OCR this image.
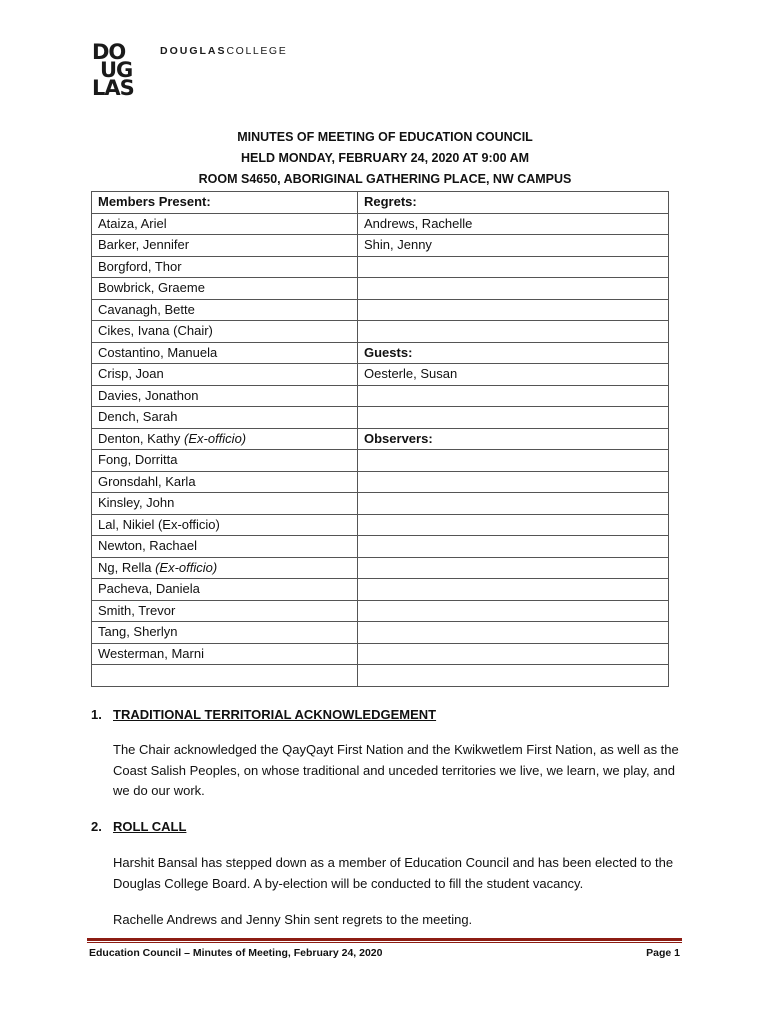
DO
UG
LAS
DOUGLASCOLLEGE
MINUTES OF MEETING OF EDUCATION COUNCIL
HELD MONDAY, FEBRUARY 24, 2020 AT 9:00 AM
ROOM S4650, ABORIGINAL GATHERING PLACE, NW CAMPUS
Members Present:	Regrets:
Ataiza, Ariel	Andrews, Rachelle
Barker, Jennifer	Shin, Jenny
Borgford, Thor	
Bowbrick, Graeme	
Cavanagh, Bette	
Cikes, Ivana (Chair)	
Costantino, Manuela	Guests:
Crisp, Joan	Oesterle, Susan
Davies, Jonathon	
Dench, Sarah	
Denton, Kathy (Ex-officio)	Observers:
Fong, Dorritta	
Gronsdahl, Karla	
Kinsley, John	
Lal, Nikiel (Ex-officio)	
Newton, Rachael	
Ng, Rella (Ex-officio)	
Pacheva, Daniela	
Smith, Trevor	
Tang, Sherlyn	
Westerman, Marni	

1. TRADITIONAL TERRITORIAL ACKNOWLEDGEMENT
The Chair acknowledged the QayQayt First Nation and the Kwikwetlem First Nation, as well as the Coast Salish Peoples, on whose traditional and unceded territories we live, we learn, we play, and we do our work.
2. ROLL CALL
Harshit Bansal has stepped down as a member of Education Council and has been elected to the Douglas College Board. A by-election will be conducted to fill the student vacancy.
Rachelle Andrews and Jenny Shin sent regrets to the meeting.
Education Council – Minutes of Meeting, February 24, 2020	Page 1
